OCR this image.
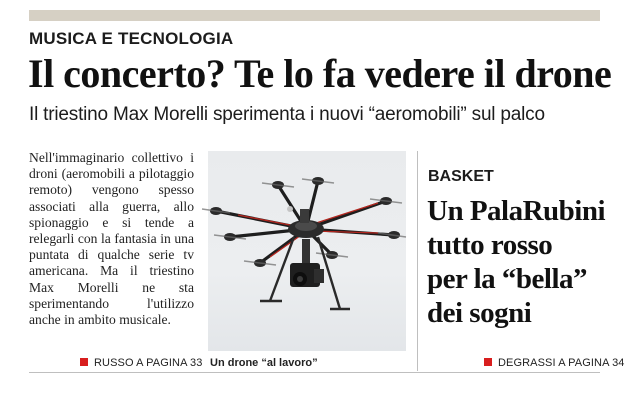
MUSICA E TECNOLOGIA
Il concerto? Te lo fa vedere il drone
Il triestino Max Morelli sperimenta i nuovi “aeromobili” sul palco

Nell'immaginario collettivo i droni (aeromobili a pilotaggio remoto) vengono spesso associati alla guerra, allo spionaggio e si tende a relegarli con la fantasia in una puntata di qualche serie tv americana. Ma il triestino Max Morelli ne sta sperimentando l'utilizzo anche in ambito musicale.

RUSSO A PAGINA 33 Un drone “al lavoro”
BASKET
Un PalaRubini
tutto rosso
per la “bella”
dei sogni
DEGRASSI A PAGINA 34
